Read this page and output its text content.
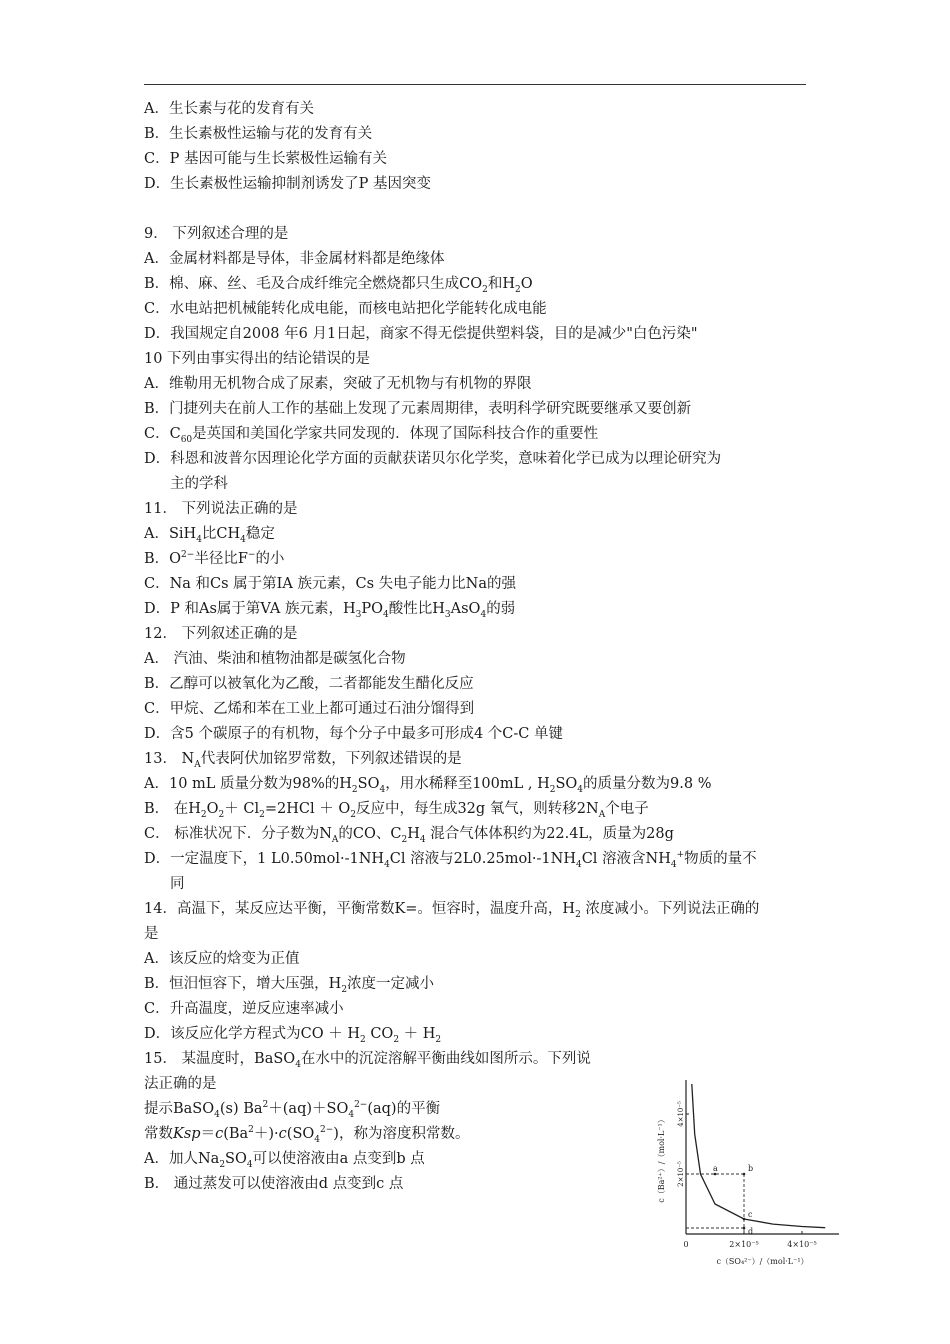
A．生长素与花的发育有关
B．生长素极性运输与花的发育有关
C．P 基因可能与生长萦极性运输有关
D．生长素极性运输抑制剂诱发了P 基因突变
9． 下列叙述合理的是
A．金属材料都是导体，非金属材料都是绝缘体
B．棉、麻、丝、毛及合成纤维完全燃烧都只生成$CO_2$和$H_2O$
C．水电站把机械能转化成电能，而核电站把化学能转化成电能
D．我国规定自2008 年6 月1日起，商家不得无偿提供塑料袋，目的是减少"白色污染"
10 下列由事实得出的结论错误的是
A．维勒用无机物合成了尿素，突破了无机物与有机物的界限
B．门捷列夫在前人工作的基础上发现了元素周期律，表明科学研究既要继承又要创新
C．$C_{60}$是英国和美国化学家共同发现的．体现了国际科技合作的重要性
D．科恩和波普尔因理论化学方面的贡献获诺贝尔化学奖，意味着化学已成为以理论研究为
主的学科
11． 下列说法正确的是
A．SiH$_4$比$CH_4$稳定
B．$O^{2-}$半径比F−的小
C．Na 和Cs 属于第IA 族元素，Cs 失电子能力比Na的强
D．P 和As属于第VA 族元素，$H_3PO_4$酸性比$H_3AsO_4$的弱
12． 下列叙述正确的是
A． 汽油、柴油和植物油都是碳氢化合物
B．乙醇可以被氧化为乙酸，二者都能发生醋化反应
C．甲烷、乙烯和苯在工业上都可通过石油分馏得到
D．含5 个碳原子的有机物，每个分子中最多可形成4 个C-C 单键
13． $N_A$代表阿伏加铭罗常数，下列叙述错误的是
A．10 mL 质量分数为98%的$H_2SO_4$，用水稀释至100mL , $H_2SO_4$的质量分数为9.8 %
B． 在$H_2O_2+ Cl_2=2HCl + O_2$反应中，每生成32g 氧气，则转移$2N_A$个电子
C． 标准状况下．分子数为$N_A$的CO、$C_2H_4$ 混合气体体积约为22.4L，质量为28g
D．一定温度下，1 $L0.50mol\cdot-1NH_4Cl$ 溶液与$2L0.25mol\cdot-1NH_4Cl$ 溶液含$NH_4^+$物质的量不
同
14．高温下，某反应达平衡，平衡常数K=。恒容时，温度升高，$H_2$ 浓度减小。下列说法正确的
是
A．该反应的焓变为正值
B．恒汨恒容下，增大压强，$H_2$浓度一定减小
C．升高温度，逆反应速率减小
D．该反应化学方程式为CO ＋ $H_2$ $CO_2 + H_2$
15． 某温度时，BaSO$_4$在水中的沉淀溶解平衡曲线如图所示。下列说
法正确的是
提示BaSO$_4$(s) $Ba^2+(aq)+SO_4^{2-}(aq)$的平衡
常数$Ksp=c(Ba^2+)\cdot c(SO_4^{2-})$，称为溶度积常数。
A．加人$Na_2SO_4$可以使溶液由a 点变到b 点
B． 通过蒸发可以使溶液由d 点变到c 点
0	2×10⁻⁵	4×10⁻⁵
2×10⁻⁵
4×10⁻⁵
a	b
c
d
c（SO₄²⁻）/（mol·L⁻¹）
c（Ba²⁺）/（mol·L⁻¹）
